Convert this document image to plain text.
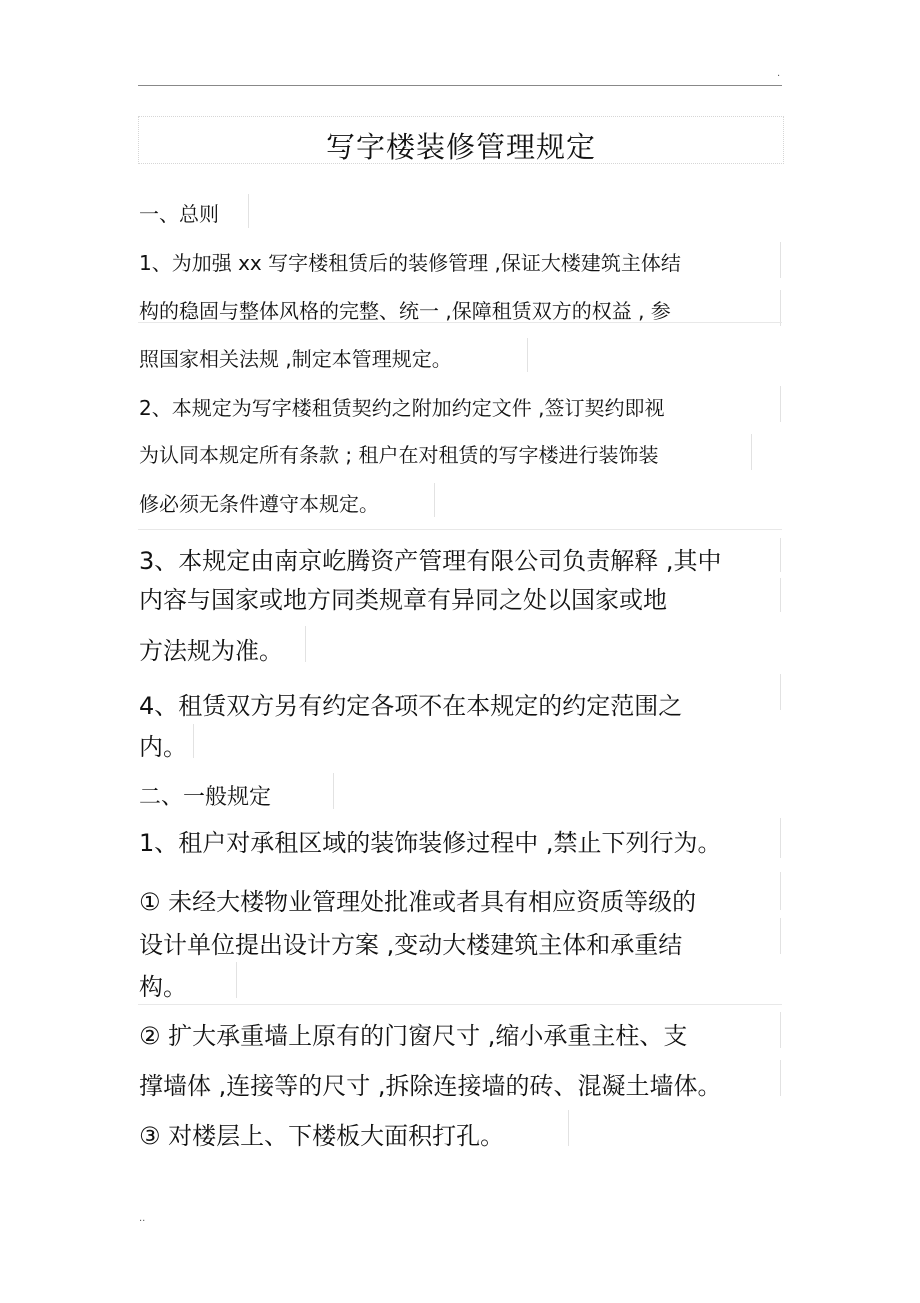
.
写字楼装修管理规定
一、总则
1、为加强 xx 写字楼租赁后的装修管理 ,保证大楼建筑主体结
构的稳固与整体风格的完整、统一 ,保障租赁双方的权益 , 参
照国家相关法规 ,制定本管理规定。
2、本规定为写字楼租赁契约之附加约定文件 ,签订契约即视
为认同本规定所有条款 ; 租户在对租赁的写字楼进行装饰装
修必须无条件遵守本规定。
3、本规定由南京屹腾资产管理有限公司负责解释 ,其中
内容与国家或地方同类规章有异同之处以国家或地
方法规为准。
4、租赁双方另有约定各项不在本规定的约定范围之
内。
二、一般规定
1、租户对承租区域的装饰装修过程中 ,禁止下列行为。
① 未经大楼物业管理处批准或者具有相应资质等级的
设计单位提出设计方案 ,变动大楼建筑主体和承重结
构。
② 扩大承重墙上原有的门窗尺寸 ,缩小承重主柱、支
撑墙体 ,连接等的尺寸 ,拆除连接墙的砖、混凝土墙体。
③ 对楼层上、下楼板大面积打孔。
..
